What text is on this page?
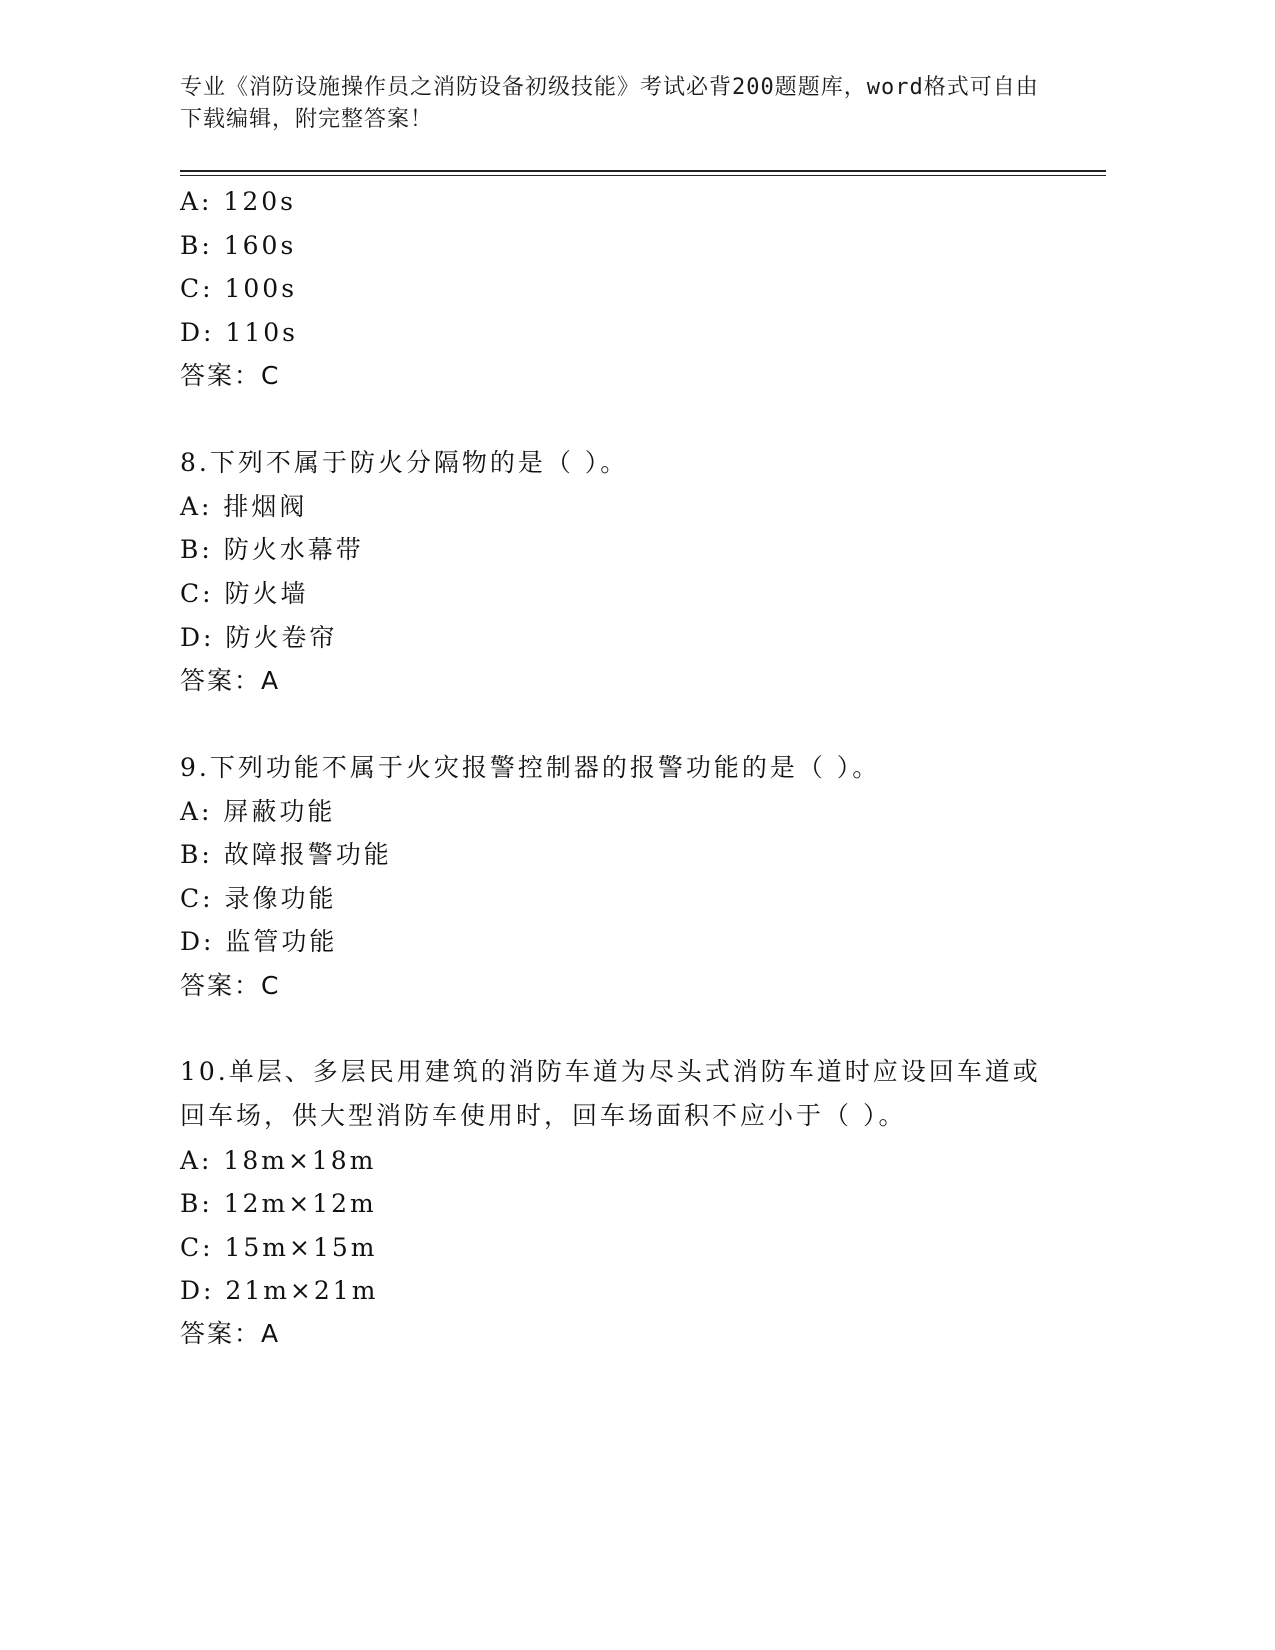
专业《消防设施操作员之消防设备初级技能》考试必背200题题库，word格式可自由下载编辑，附完整答案！
A: 120s
B: 160s
C: 100s
D: 110s
答案：C
8.下列不属于防火分隔物的是（ ）。
A: 排烟阀
B: 防火水幕带
C: 防火墙
D: 防火卷帘
答案：A
9.下列功能不属于火灾报警控制器的报警功能的是（ ）。
A: 屏蔽功能
B: 故障报警功能
C: 录像功能
D: 监管功能
答案：C
10.单层、多层民用建筑的消防车道为尽头式消防车道时应设回车道或回车场，供大型消防车使用时，回车场面积不应小于（ ）。
A: 18m×18m
B: 12m×12m
C: 15m×15m
D: 21m×21m
答案：A
